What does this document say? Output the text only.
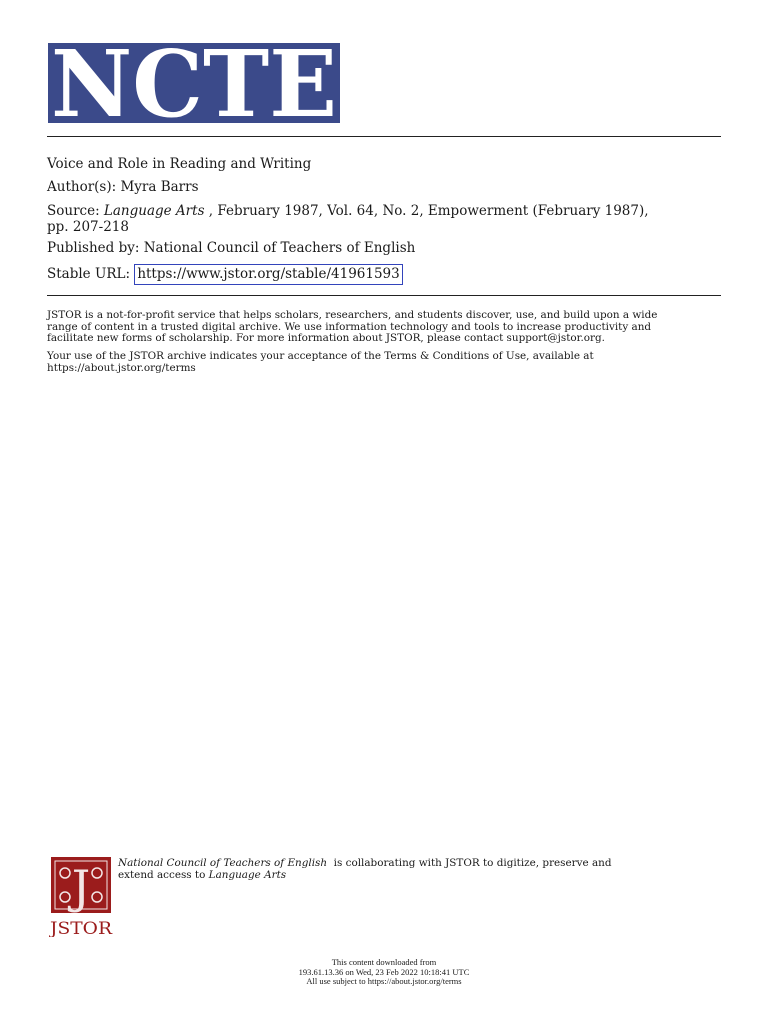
NCTE
Voice and Role in Reading and Writing
Author(s): Myra Barrs
Source: Language Arts , February 1987, Vol. 64, No. 2, Empowerment (February 1987),
pp. 207-218
Published by: National Council of Teachers of English
Stable URL: https://www.jstor.org/stable/41961593
JSTOR is a not-for-profit service that helps scholars, researchers, and students discover, use, and build upon a wide
range of content in a trusted digital archive. We use information technology and tools to increase productivity and
facilitate new forms of scholarship. For more information about JSTOR, please contact support@jstor.org.
Your use of the JSTOR archive indicates your acceptance of the Terms & Conditions of Use, available at
https://about.jstor.org/terms
J
JSTOR
National Council of Teachers of English  is collaborating with JSTOR to digitize, preserve and
extend access to Language Arts
This content downloaded from
193.61.13.36 on Wed, 23 Feb 2022 10:18:41 UTC
All use subject to https://about.jstor.org/terms
